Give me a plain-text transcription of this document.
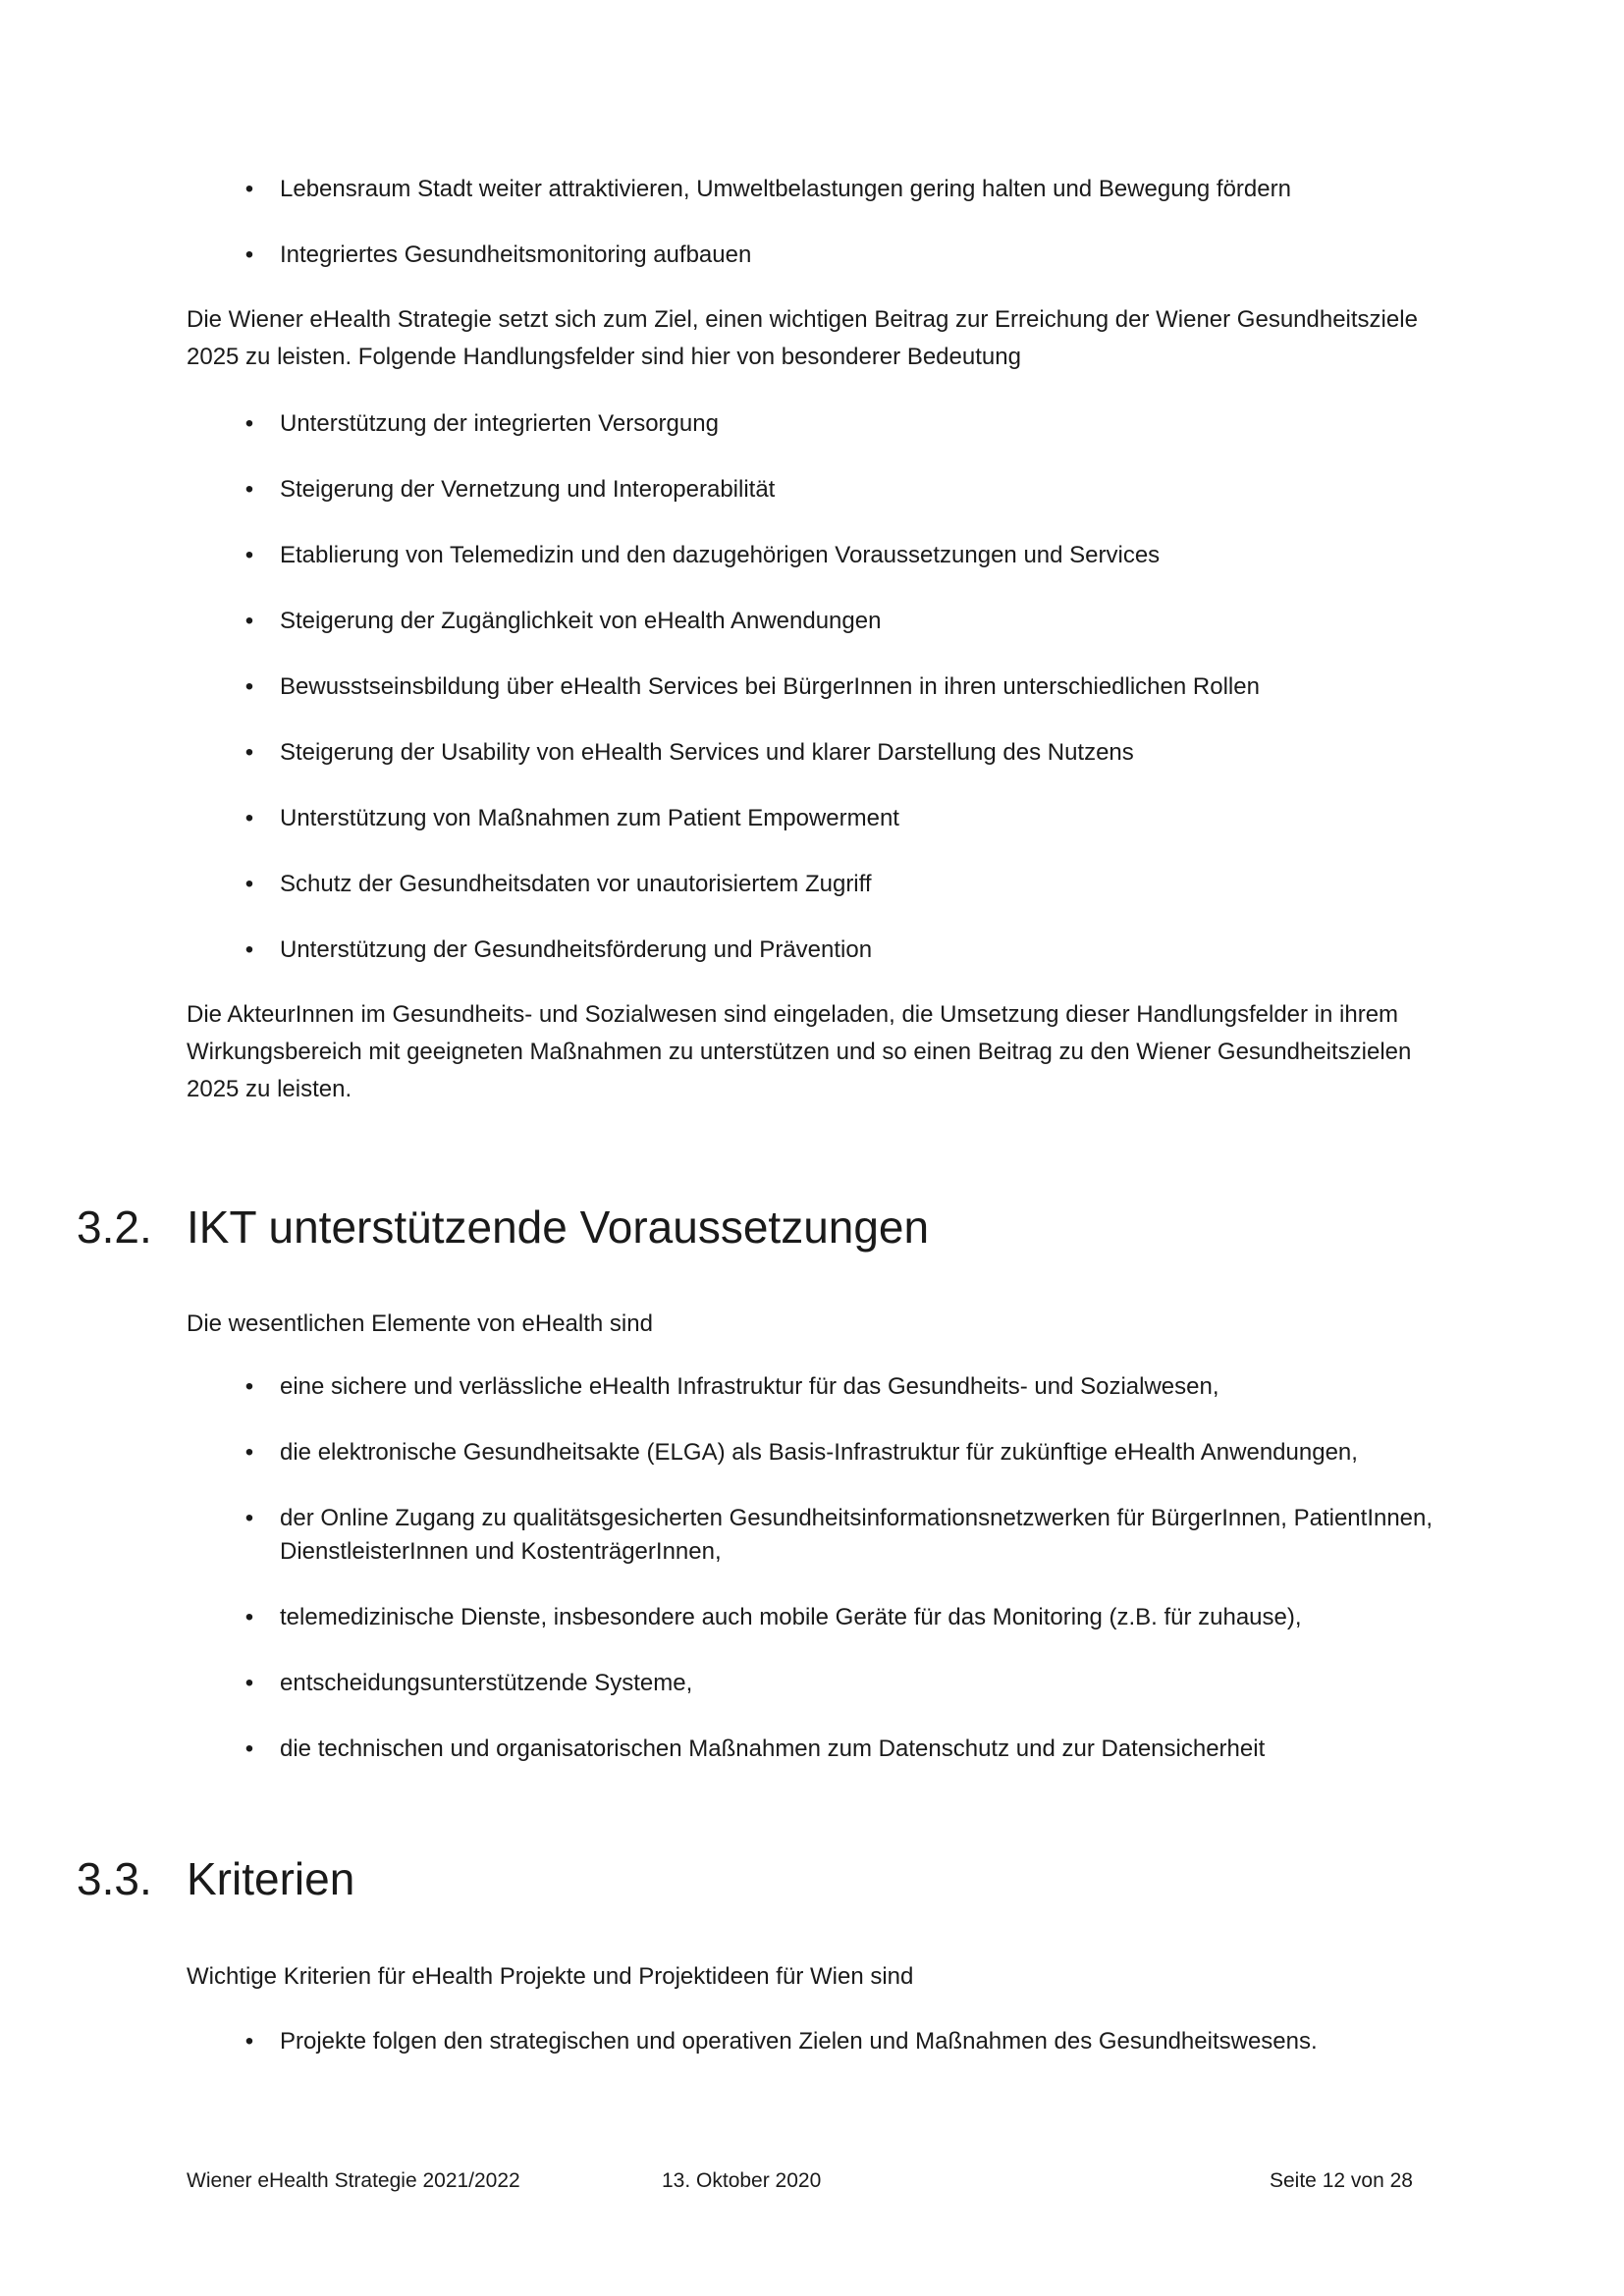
• Lebensraum Stadt weiter attraktivieren, Umweltbelastungen gering halten und Bewegung fördern
• Integriertes Gesundheitsmonitoring aufbauen

Die Wiener eHealth Strategie setzt sich zum Ziel, einen wichtigen Beitrag zur Erreichung der Wiener Gesundheitsziele 2025 zu leisten. Folgende Handlungsfelder sind hier von besonderer Bedeutung

• Unterstützung der integrierten Versorgung
• Steigerung der Vernetzung und Interoperabilität
• Etablierung von Telemedizin und den dazugehörigen Voraussetzungen und Services
• Steigerung der Zugänglichkeit von eHealth Anwendungen
• Bewusstseinsbildung über eHealth Services bei BürgerInnen in ihren unterschiedlichen Rollen
• Steigerung der Usability von eHealth Services und klarer Darstellung des Nutzens
• Unterstützung von Maßnahmen zum Patient Empowerment
• Schutz der Gesundheitsdaten vor unautorisiertem Zugriff
• Unterstützung der Gesundheitsförderung und Prävention

Die AkteurInnen im Gesundheits- und Sozialwesen sind eingeladen, die Umsetzung dieser Handlungsfelder in ihrem Wirkungsbereich mit geeigneten Maßnahmen zu unterstützen und so einen Beitrag zu den Wiener Gesundheitszielen 2025 zu leisten.

3.2. IKT unterstützende Voraussetzungen

Die wesentlichen Elemente von eHealth sind

• eine sichere und verlässliche eHealth Infrastruktur für das Gesundheits- und Sozialwesen,
• die elektronische Gesundheitsakte (ELGA) als Basis-Infrastruktur für zukünftige eHealth Anwendungen,
• der Online Zugang zu qualitätsgesicherten Gesundheitsinformationsnetzwerken für BürgerInnen, PatientInnen, DienstleisterInnen und KostenträgerInnen,
• telemedizinische Dienste, insbesondere auch mobile Geräte für das Monitoring (z.B. für zuhause),
• entscheidungsunterstützende Systeme,
• die technischen und organisatorischen Maßnahmen zum Datenschutz und zur Datensicherheit
3.3. Kriterien

Wichtige Kriterien für eHealth Projekte und Projektideen für Wien sind

• Projekte folgen den strategischen und operativen Zielen und Maßnahmen des Gesundheitswesens.
Wiener eHealth Strategie 2021/2022	13. Oktober 2020	Seite 12 von 28
